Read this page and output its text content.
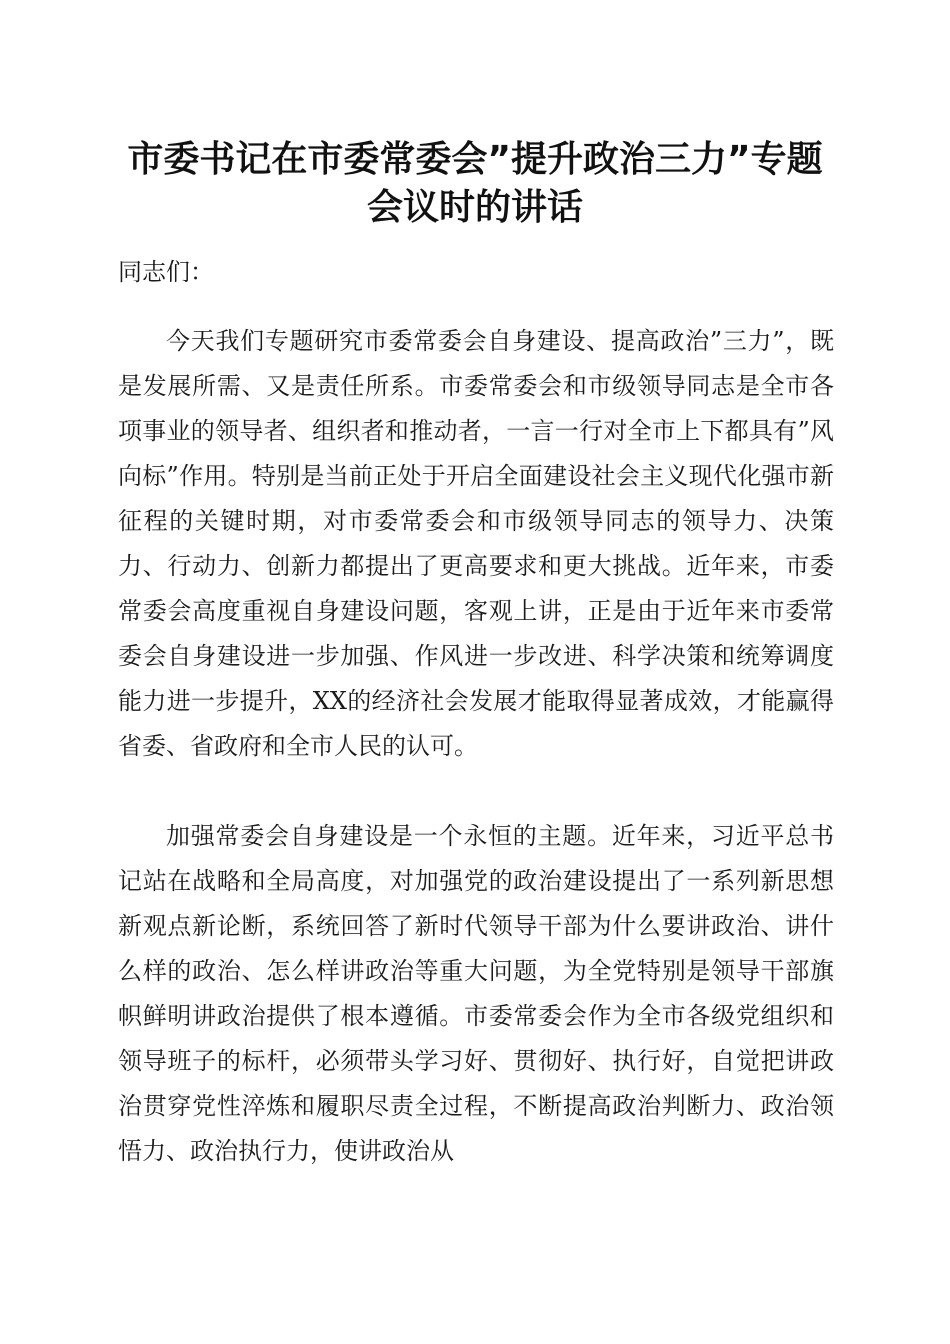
市委书记在市委常委会”提升政治三力”专题
会议时的讲话

同志们：

今天我们专题研究市委常委会自身建设、提高政治”三力”，既是发展所需、又是责任所系。市委常委会和市级领导同志是全市各项事业的领导者、组织者和推动者，一言一行对全市上下都具有”风向标”作用。特别是当前正处于开启全面建设社会主义现代化强市新征程的关键时期，对市委常委会和市级领导同志的领导力、决策力、行动力、创新力都提出了更高要求和更大挑战。近年来，市委常委会高度重视自身建设问题，客观上讲，正是由于近年来市委常委会自身建设进一步加强、作风进一步改进、科学决策和统筹调度能力进一步提升，XX的经济社会发展才能取得显著成效，才能赢得省委、省政府和全市人民的认可。

加强常委会自身建设是一个永恒的主题。近年来，习近平总书记站在战略和全局高度，对加强党的政治建设提出了一系列新思想新观点新论断，系统回答了新时代领导干部为什么要讲政治、讲什么样的政治、怎么样讲政治等重大问题，为全党特别是领导干部旗帜鲜明讲政治提供了根本遵循。市委常委会作为全市各级党组织和领导班子的标杆，必须带头学习好、贯彻好、执行好，自觉把讲政治贯穿党性淬炼和履职尽责全过程，不断提高政治判断力、政治领悟力、政治执行力，使讲政治从
